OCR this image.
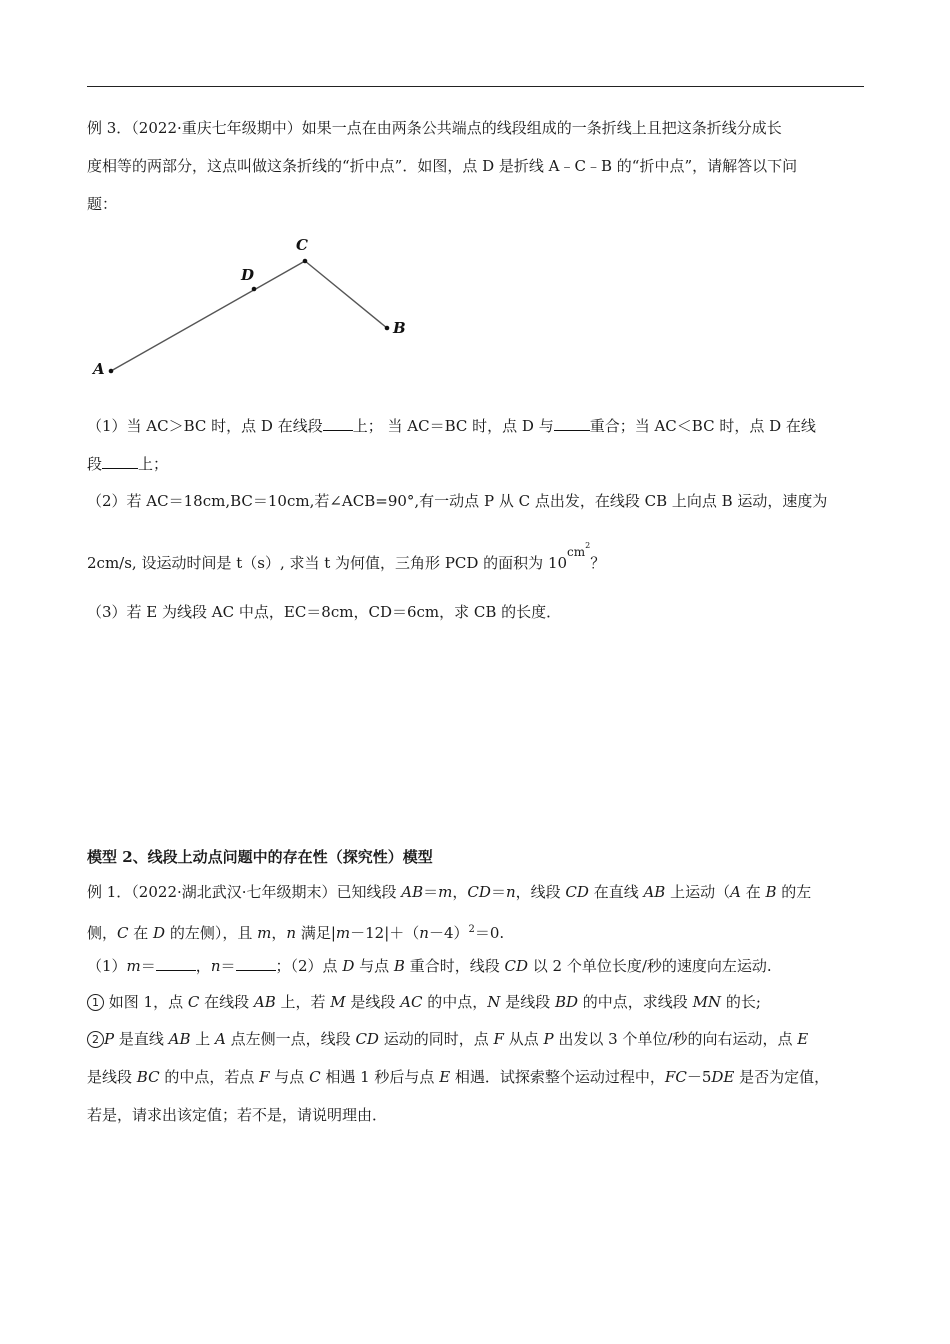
例 3．（2022·重庆七年级期中）如果一点在由两条公共端点的线段组成的一条折线上且把这条折线分成长
度相等的两部分，这点叫做这条折线的“折中点”．如图，点 D 是折线 A﹣C﹣B 的“折中点”，请解答以下问
题：
A
D
C
B
（1）当 AC＞BC 时，点 D 在线段 上； 当 AC＝BC 时，点 D 与 重合；当 AC＜BC 时，点 D 在线
段 上；
（2）若 AC＝18cm,BC＝10cm,若∠ACB=90°,有一动点 P 从 C 点出发，在线段 CB 上向点 B 运动，速度为
2cm/s, 设运动时间是 t（s）, 求当 t 为何值，三角形 PCD 的面积为 10cm2？
（3）若 E 为线段 AC 中点，EC＝8cm，CD＝6cm，求 CB 的长度．
模型 2、线段上动点问题中的存在性（探究性）模型
例 1．（2022·湖北武汉·七年级期末）已知线段 AB＝m，CD＝n，线段 CD 在直线 AB 上运动（A 在 B 的左
侧，C 在 D 的左侧），且 m，n 满足$|m-12|+(n-4)^2=0$.
（1）m＝	，n＝	；（2）点 D 与点 B 重合时，线段 CD 以 2 个单位长度/秒的速度向左运动.
1 如图 1，点 C 在线段 AB 上，若 M 是线段 AC 的中点，N 是线段 BD 的中点，求线段 MN 的长;
2 P 是直线 AB 上 A 点左侧一点，线段 CD 运动的同时，点 F 从点 P 出发以 3 个单位/秒的向右运动，点 E
是线段 BC 的中点，若点 F 与点 C 相遇 1 秒后与点 E 相遇．试探索整个运动过程中，FC－5DE 是否为定值，
若是，请求出该定值；若不是，请说明理由．
